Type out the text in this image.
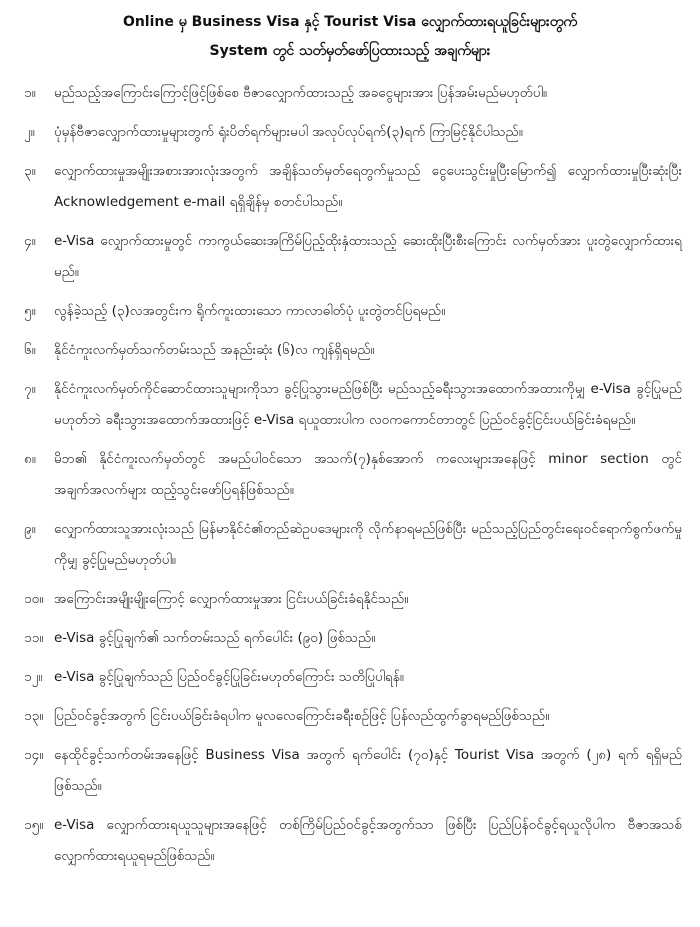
Online မှ Business Visa နှင့် Tourist Visa လျှောက်ထားရယူခြင်းများတွက်
System တွင် သတ်မှတ်ဖော်ပြထားသည့် အချက်များ
၁။	မည်သည့်အကြောင်းကြောင့်ဖြင့်ဖြစ်စေ ဗီဇာလျှောက်ထားသည့် အခငွေများအား ပြန်အမ်းမည်မဟုတ်ပါ။
၂။	ပုံမှန်ဗီဇာလျှောက်ထားမှုများတွက် ရုံးပိတ်ရက်များမပါ အလုပ်လုပ်ရက်(၃)ရက် ကြာမြင့်နိုင်ပါသည်။
၃။	လျှောက်ထားမှုအမျိုးအစားအားလုံးအတွက် အချိန်သတ်မှတ်ရေတွက်မှုသည် ငွေပေးသွင်းမှုပြီးမြောက်၍ လျှောက်ထားမှုပြီးဆုံးပြီး Acknowledgement e-mail ရရှိချိန်မှ စတင်ပါသည်။
၄။	e-Visa လျှောက်ထားမှုတွင် ကာကွယ်ဆေးအကြိမ်ပြည့်ထိုးနှံထားသည့် ဆေးထိုးပြီးစီးကြောင်း လက်မှတ်အား ပူးတွဲလျှောက်ထားရမည်။
၅။	လွန်ခဲ့သည့် (၃)လအတွင်းက ရိုက်ကူးထားသော ကာလာဓါတ်ပုံ ပူးတွဲတင်ပြရမည်။
၆။	နိုင်ငံကူးလက်မှတ်သက်တမ်းသည် အနည်းဆုံး (၆)လ ကျန်ရှိရမည်။
၇။	နိုင်ငံကူးလက်မှတ်ကိုင်ဆောင်ထားသူများကိုသာ ခွင့်ပြုသွားမည်ဖြစ်ပြီး မည်သည့်ခရီးသွားအထောက်အထားကိုမျှ e-Visa ခွင့်ပြုမည်မဟုတ်ဘဲ ခရီးသွားအထောက်အထားဖြင့် e-Visa ရယူထားပါက လဝကကောင်တာတွင် ပြည်ဝင်ခွင့်ငြင်းပယ်ခြင်းခံရမည်။
၈။	မိဘ၏ နိုင်ငံကူးလက်မှတ်တွင် အမည်ပါဝင်သော အသက်(၇)နှစ်အောက် ကလေးများအနေဖြင့် minor section တွင် အချက်အလက်များ ထည့်သွင်းဖော်ပြရန်ဖြစ်သည်။
၉။	လျှောက်ထားသူအားလုံးသည် မြန်မာနိုင်ငံ၏တည်ဆဲဥပဒေများကို လိုက်နာရမည်ဖြစ်ပြီး မည်သည့်ပြည်တွင်းရေးဝင်ရောက်စွက်ဖက်မှုကိုမျှ ခွင့်ပြုမည်မဟုတ်ပါ။
၁၀။ အကြောင်းအမျိုးမျိုးကြောင့် လျှောက်ထားမှုအား ငြင်းပယ်ခြင်းခံရနိုင်သည်။
၁၁။ e-Visa ခွင့်ပြုချက်၏ သက်တမ်းသည် ရက်ပေါင်း (၉၀) ဖြစ်သည်။
၁၂။ e-Visa ခွင့်ပြုချက်သည် ပြည်ဝင်ခွင့်ပြုခြင်းမဟုတ်ကြောင်း သတိပြုပါရန်။
၁၃။ ပြည်ဝင်ခွင့်အတွက် ငြင်းပယ်ခြင်းခံရပါက မူလလေကြောင်းခရီးစဉ်ဖြင့် ပြန်လည်ထွက်ခွာရမည်ဖြစ်သည်။
၁၄။ နေထိုင်ခွင့်သက်တမ်းအနေဖြင့် Business Visa အတွက် ရက်ပေါင်း (၇၀)နှင့် Tourist Visa အတွက် (၂၈) ရက် ရရှိမည်ဖြစ်သည်။
၁၅။ e-Visa လျှောက်ထားရယူသူများအနေဖြင့် တစ်ကြိမ်ပြည်ဝင်ခွင့်အတွက်သာ ဖြစ်ပြီး ပြည်ပြန်ဝင်ခွင့်ရယူလိုပါက ဗီဇာအသစ် လျှောက်ထားရယူရမည်ဖြစ်သည်။
